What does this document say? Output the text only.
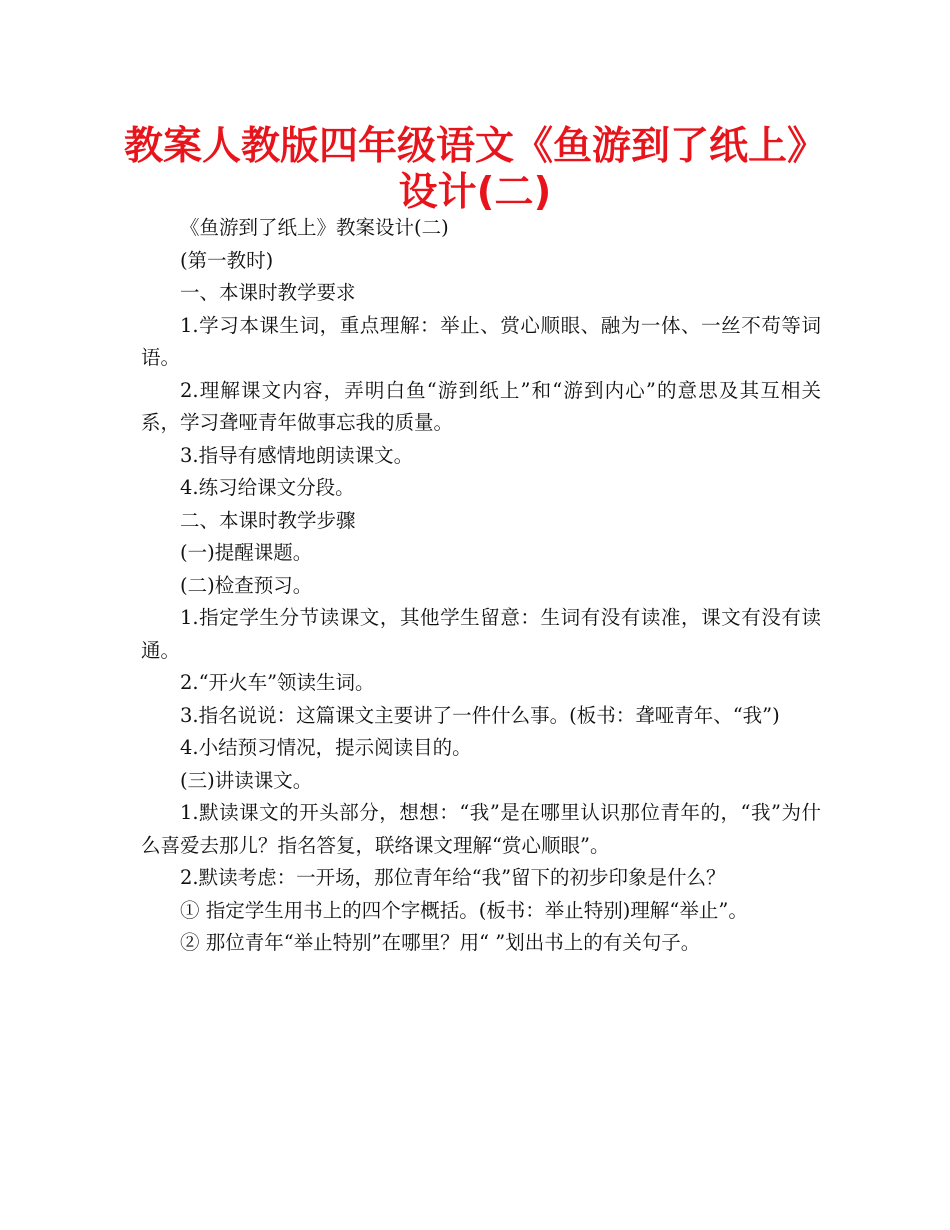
教案人教版四年级语文《鱼游到了纸上》
设计(二)

《鱼游到了纸上》教案设计(二)

(第一教时)

一、本课时教学要求

1.学习本课生词，重点理解：举止、赏心顺眼、融为一体、一丝不苟等词语。

2.理解课文内容，弄明白鱼“游到纸上”和“游到内心”的意思及其互相关系，学习聋哑青年做事忘我的质量。

3.指导有感情地朗读课文。

4.练习给课文分段。

二、本课时教学步骤

(一)提醒课题。

(二)检查预习。

1.指定学生分节读课文，其他学生留意：生词有没有读准，课文有没有读通。

2.“开火车”领读生词。

3.指名说说：这篇课文主要讲了一件什么事。(板书：聋哑青年、“我”)

4.小结预习情况，提示阅读目的。

(三)讲读课文。

1.默读课文的开头部分，想想：“我”是在哪里认识那位青年的，“我”为什么喜爱去那儿？指名答复，联络课文理解“赏心顺眼”。

2.默读考虑：一开场，那位青年给“我”留下的初步印象是什么？

① 指定学生用书上的四个字概括。(板书：举止特别)理解“举止”。

② 那位青年“举止特别”在哪里？用“ ”划出书上的有关句子。
